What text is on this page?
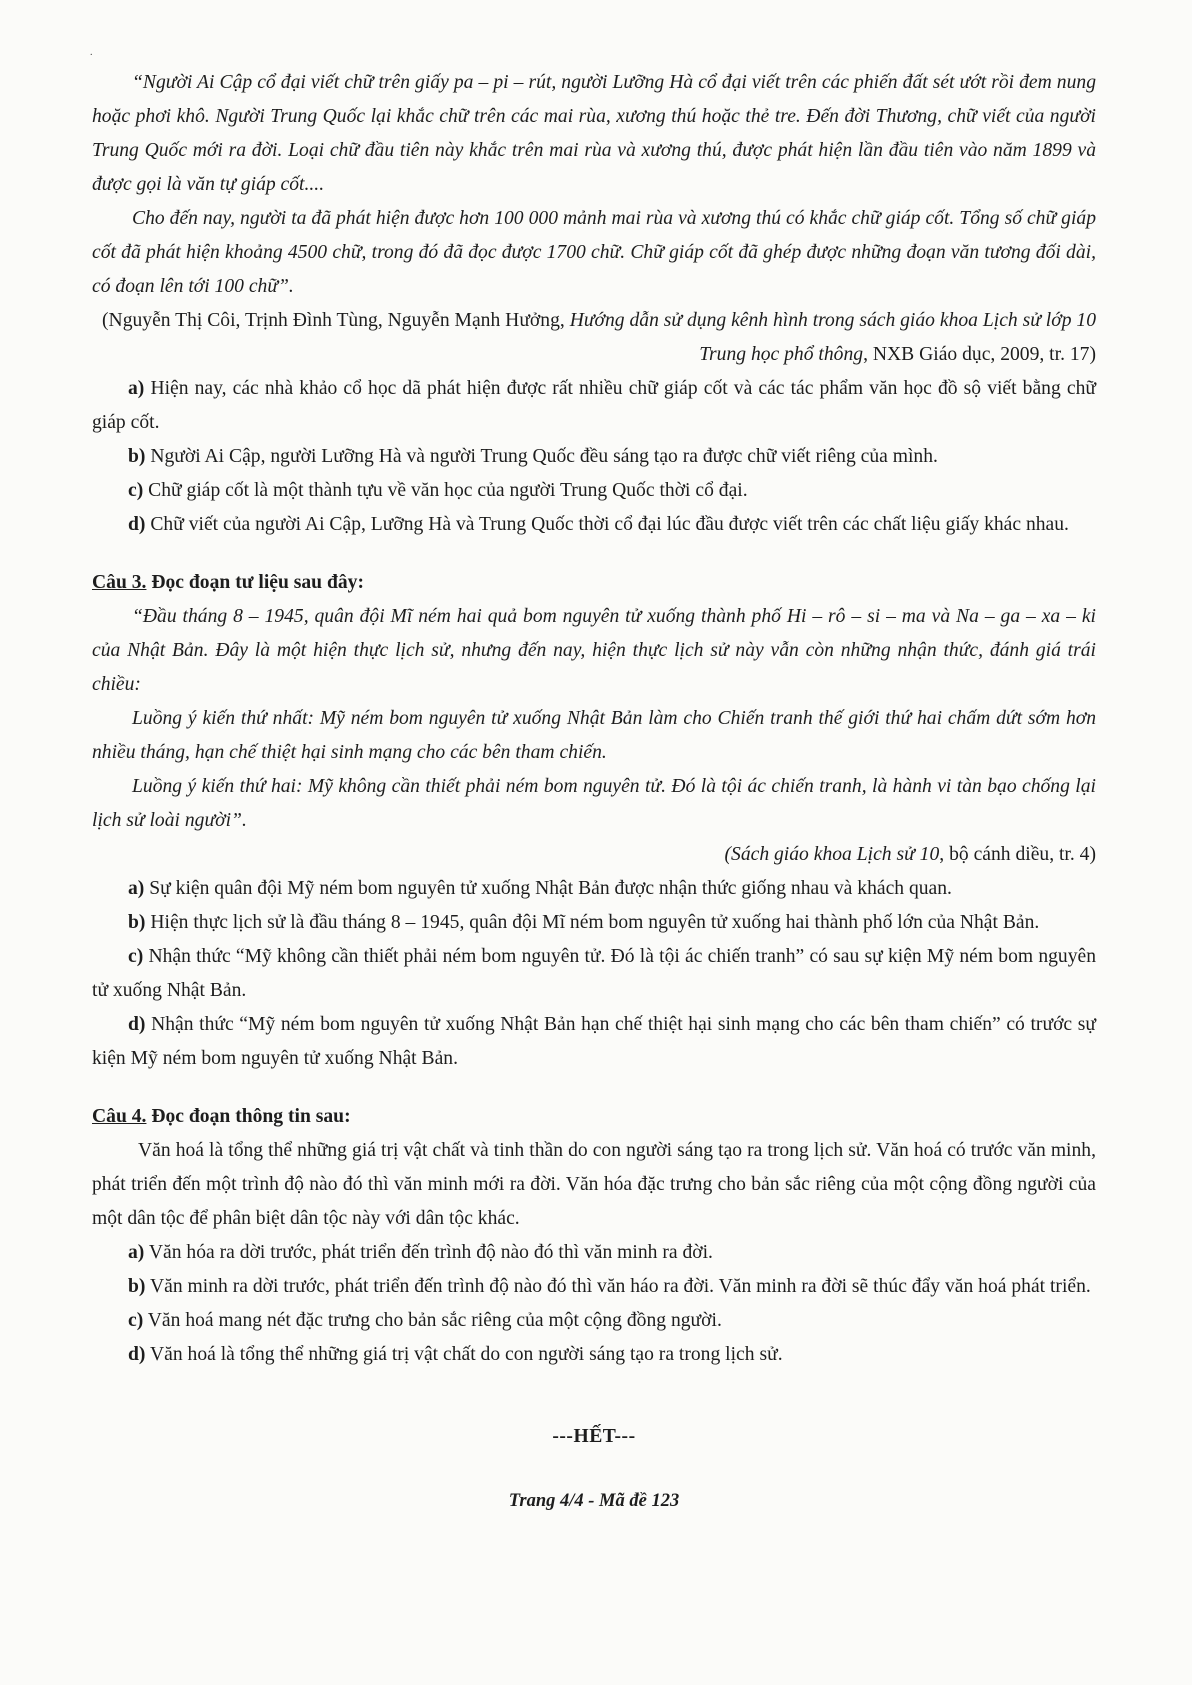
.

“Người Ai Cập cổ đại viết chữ trên giấy pa – pi – rút, người Lưỡng Hà cổ đại viết trên các phiến đất sét ướt rồi đem nung hoặc phơi khô. Người Trung Quốc lại khắc chữ trên các mai rùa, xương thú hoặc thẻ tre. Đến đời Thương, chữ viết của người Trung Quốc mới ra đời. Loại chữ đầu tiên này khắc trên mai rùa và xương thú, được phát hiện lần đầu tiên vào năm 1899 và được gọi là văn tự giáp cốt....

Cho đến nay, người ta đã phát hiện được hơn 100 000 mảnh mai rùa và xương thú có khắc chữ giáp cốt. Tổng số chữ giáp cốt đã phát hiện khoảng 4500 chữ, trong đó đã đọc được 1700 chữ. Chữ giáp cốt đã ghép được những đoạn văn tương đối dài, có đoạn lên tới 100 chữ”.

(Nguyễn Thị Côi, Trịnh Đình Tùng, Nguyễn Mạnh Hưởng, Hướng dẫn sử dụng kênh hình trong sách giáo khoa Lịch sử lớp 10 Trung học phổ thông, NXB Giáo dục, 2009, tr. 17)

a) Hiện nay, các nhà khảo cổ học dã phát hiện được rất nhiều chữ giáp cốt và các tác phẩm văn học đồ sộ viết bằng chữ giáp cốt.

b) Người Ai Cập, người Lưỡng Hà và người Trung Quốc đều sáng tạo ra được chữ viết riêng của mình.

c) Chữ giáp cốt là một thành tựu về văn học của người Trung Quốc thời cổ đại.

d) Chữ viết của người Ai Cập, Lưỡng Hà và Trung Quốc thời cổ đại lúc đầu được viết trên các chất liệu giấy khác nhau.

Câu 3. Đọc đoạn tư liệu sau đây:

“Đầu tháng 8 – 1945, quân đội Mĩ ném hai quả bom nguyên tử xuống thành phố Hi – rô – si – ma và Na – ga – xa – ki của Nhật Bản. Đây là một hiện thực lịch sử, nhưng đến nay, hiện thực lịch sử này vẫn còn những nhận thức, đánh giá trái chiều:

Luồng ý kiến thứ nhất: Mỹ ném bom nguyên tử xuống Nhật Bản làm cho Chiến tranh thế giới thứ hai chấm dứt sớm hơn nhiều tháng, hạn chế thiệt hại sinh mạng cho các bên tham chiến.

Luồng ý kiến thứ hai: Mỹ không cần thiết phải ném bom nguyên tử. Đó là tội ác chiến tranh, là hành vi tàn bạo chống lại lịch sử loài người”.

(Sách giáo khoa Lịch sử 10, bộ cánh diều, tr. 4)

a) Sự kiện quân đội Mỹ ném bom nguyên tử xuống Nhật Bản được nhận thức giống nhau và khách quan.

b) Hiện thực lịch sử là đầu tháng 8 – 1945, quân đội Mĩ ném bom nguyên tử xuống hai thành phố lớn của Nhật Bản.

c) Nhận thức “Mỹ không cần thiết phải ném bom nguyên tử. Đó là tội ác chiến tranh” có sau sự kiện Mỹ ném bom nguyên tử xuống Nhật Bản.

d) Nhận thức “Mỹ ném bom nguyên tử xuống Nhật Bản hạn chế thiệt hại sinh mạng cho các bên tham chiến” có trước sự kiện Mỹ ném bom nguyên tử xuống Nhật Bản.

Câu 4. Đọc đoạn thông tin sau:

Văn hoá là tổng thể những giá trị vật chất và tinh thần do con người sáng tạo ra trong lịch sử. Văn hoá có trước văn minh, phát triển đến một trình độ nào đó thì văn minh mới ra đời. Văn hóa đặc trưng cho bản sắc riêng của một cộng đồng người của một dân tộc để phân biệt dân tộc này với dân tộc khác.

a) Văn hóa ra dời trước, phát triển đến trình độ nào đó thì văn minh ra đời.

b) Văn minh ra dời trước, phát triển đến trình độ nào đó thì văn háo ra đời. Văn minh ra đời sẽ thúc đẩy văn hoá phát triển.

c) Văn hoá mang nét đặc trưng cho bản sắc riêng của một cộng đồng người.

d) Văn hoá là tổng thể những giá trị vật chất do con người sáng tạo ra trong lịch sử.

---HẾT---
Trang 4/4 - Mã đề 123
